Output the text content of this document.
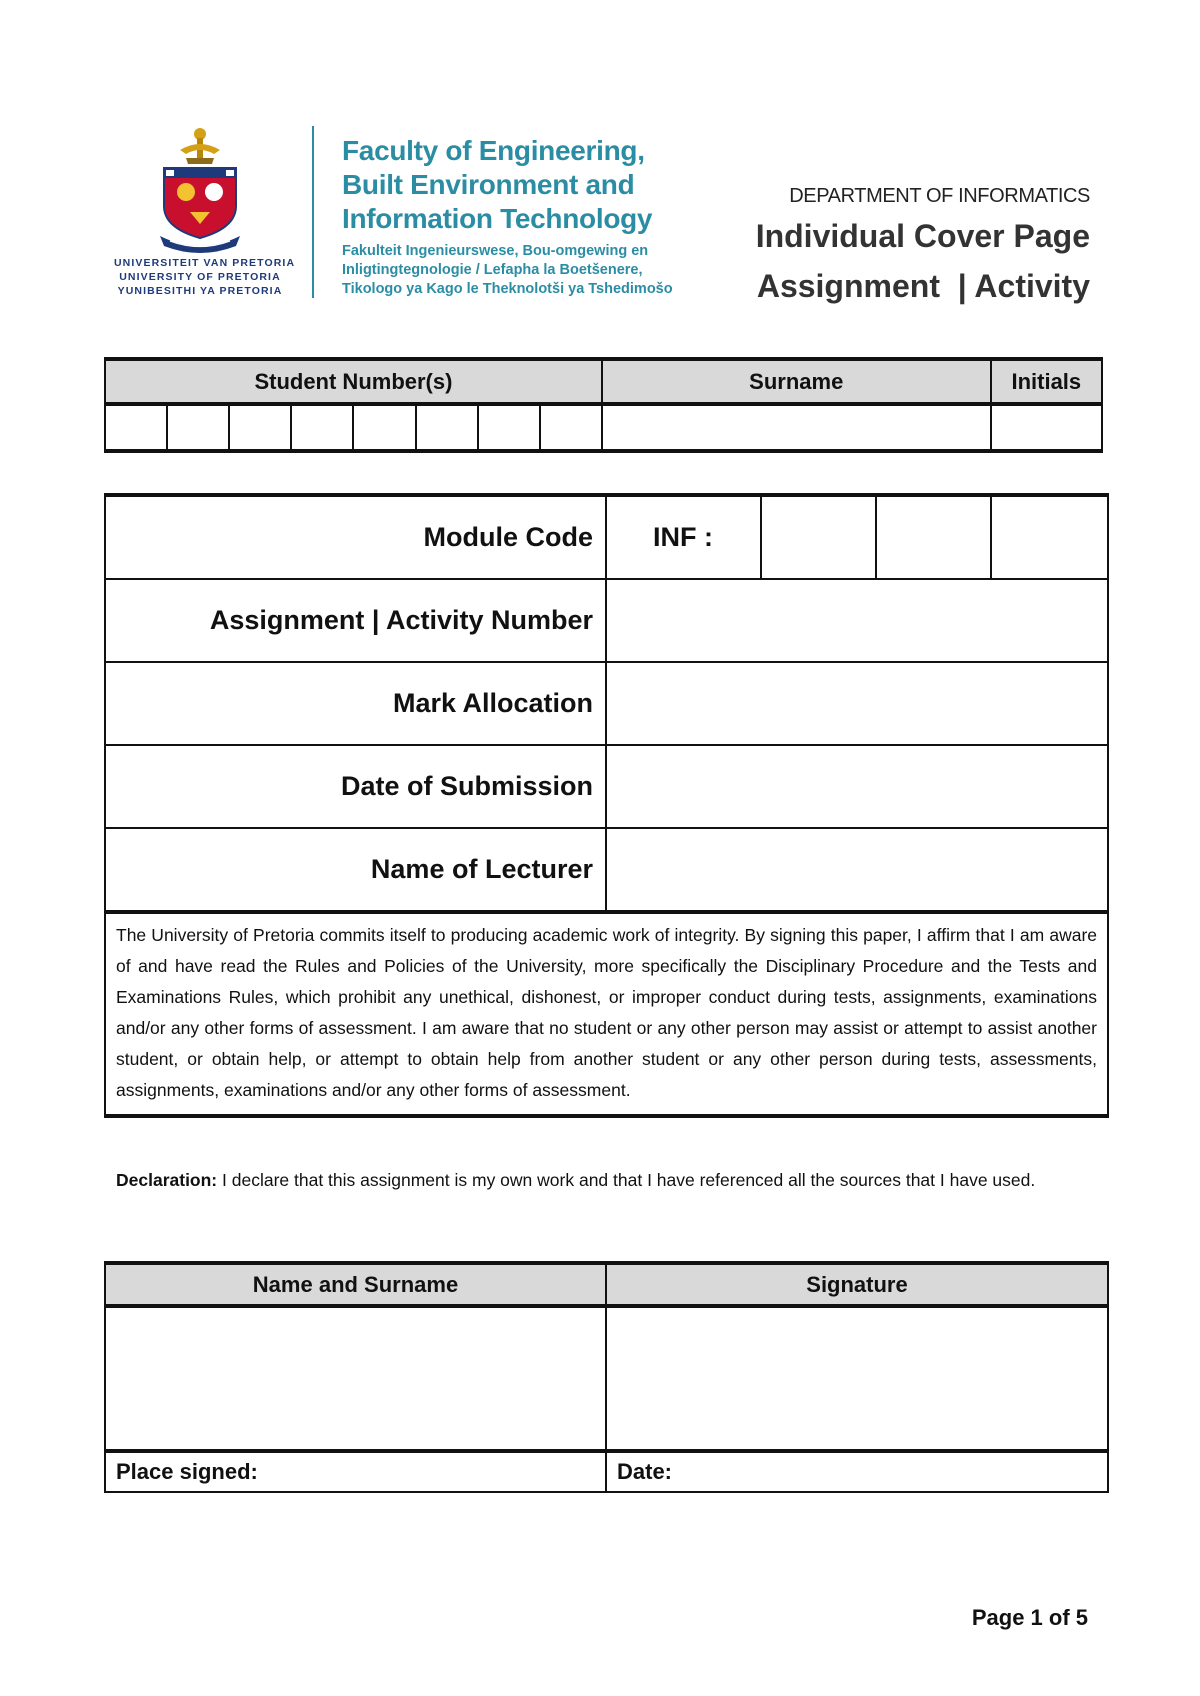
UNIVERSITEIT VAN PRETORIA
UNIVERSITY OF PRETORIA
YUNIBESITHI YA PRETORIA
Faculty of Engineering,
Built Environment and
Information Technology
Fakulteit Ingenieurswese, Bou-omgewing en
Inligtingtegnologie / Lefapha la Boetšenere,
Tikologo ya Kago le Theknolotši ya Tshedimošo
DEPARTMENT OF INFORMATICS
Individual Cover Page
Assignment  | Activity
Student Number(s)								Surname	Initials

Module Code	INF :			
Assignment | Activity Number				
Mark Allocation				
Date of Submission				
Name of Lecturer				
The University of Pretoria commits itself to producing academic work of integrity. By signing this paper, I affirm that I am aware of and have read the Rules and Policies of the University, more specifically the Disciplinary Procedure and the Tests and Examinations Rules, which prohibit any unethical, dishonest, or improper conduct during tests, assignments, examinations and/or any other forms of assessment. I am aware that no student or any other person may assist or attempt to assist another student, or obtain help, or attempt to obtain help from another student or any other person during tests, assessments, assignments, examinations and/or any other forms of assessment.				
Declaration: I declare that this assignment is my own work and that I have referenced all the sources that I have used.
Name and Surname	Signature

Place signed:	Date:
Page 1 of 5
